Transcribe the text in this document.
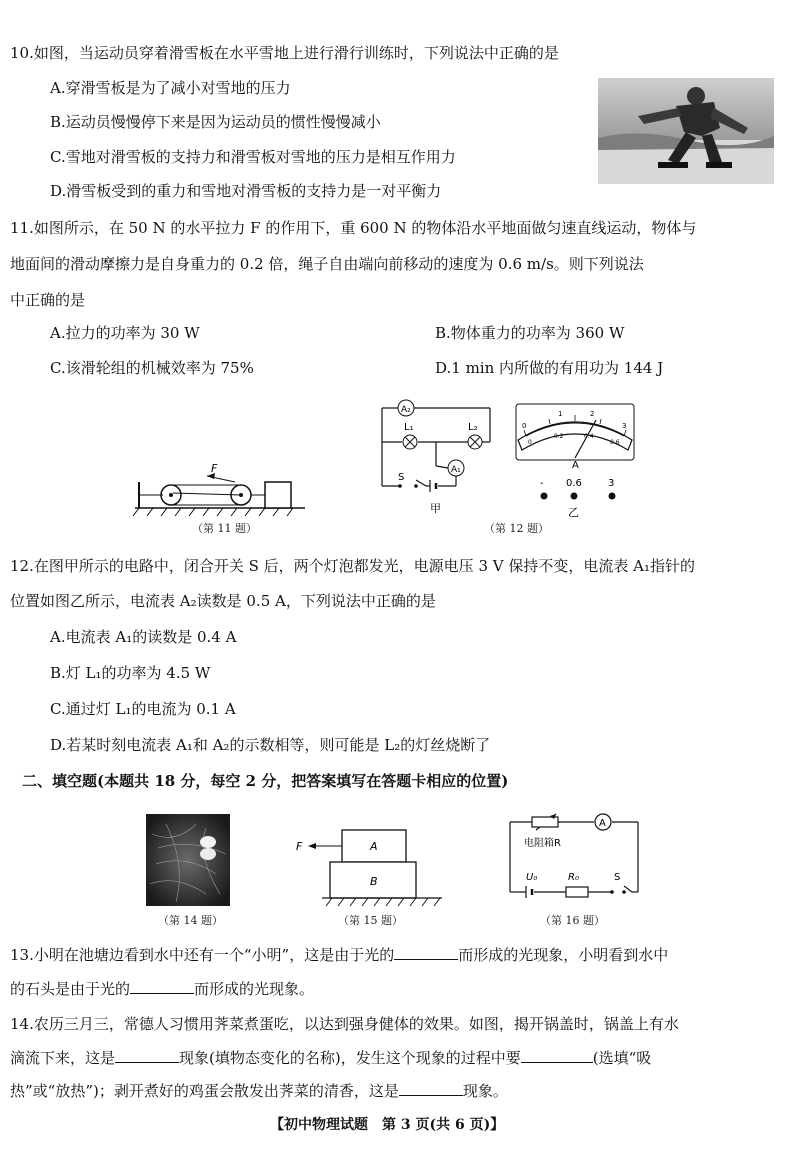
10.如图，当运动员穿着滑雪板在水平雪地上进行滑行训练时，下列说法中正确的是
A.穿滑雪板是为了减小对雪地的压力
B.运动员慢慢停下来是因为运动员的惯性慢慢减小
C.雪地对滑雪板的支持力和滑雪板对雪地的压力是相互作用力
D.滑雪板受到的重力和雪地对滑雪板的支持力是一对平衡力
11.如图所示，在 50 N 的水平拉力 F 的作用下，重 600 N 的物体沿水平地面做匀速直线运动，物体与
地面间的滑动摩擦力是自身重力的 0.2 倍，绳子自由端向前移动的速度为 0.6 m/s。则下列说法
中正确的是
A.拉力的功率为 30 W	B.物体重力的功率为 360 W
C.该滑轮组的机械效率为 75%	D.1 min 内所做的有用功为 144 J
F
（第 11 题）
A₂
L₁	L₂
A₁
S
甲
0
1	2
3
0
0.2	0.4
0.6
A
- 0.6	3
乙
（第 12 题）
12.在图甲所示的电路中，闭合开关 S 后，两个灯泡都发光，电源电压 3 V 保持不变，电流表 A₁指针的
位置如图乙所示，电流表 A₂读数是 0.5 A，下列说法中正确的是
A.电流表 A₁的读数是 0.4 A
B.灯 L₁的功率为 4.5 W
C.通过灯 L₁的电流为 0.1 A
D.若某时刻电流表 A₁和 A₂的示数相等，则可能是 L₂的灯丝烧断了
二、填空题(本题共 18 分，每空 2 分，把答案填写在答题卡相应的位置)
（第 14 题）
F	A
B
（第 15 题）
A
电阻箱R
U₀	R₀	S
（第 16 题）
13.小明在池塘边看到水中还有一个“小明”，这是由于光的	而形成的光现象，小明看到水中
的石头是由于光的	而形成的光现象。
14.农历三月三，常德人习惯用荠菜煮蛋吃，以达到强身健体的效果。如图，揭开锅盖时，锅盖上有水
滴流下来，这是	现象(填物态变化的名称)，发生这个现象的过程中要	(选填“吸
热”或“放热”)；剥开煮好的鸡蛋会散发出荠菜的清香，这是	现象。
【初中物理试题　第 3 页(共 6 页)】
